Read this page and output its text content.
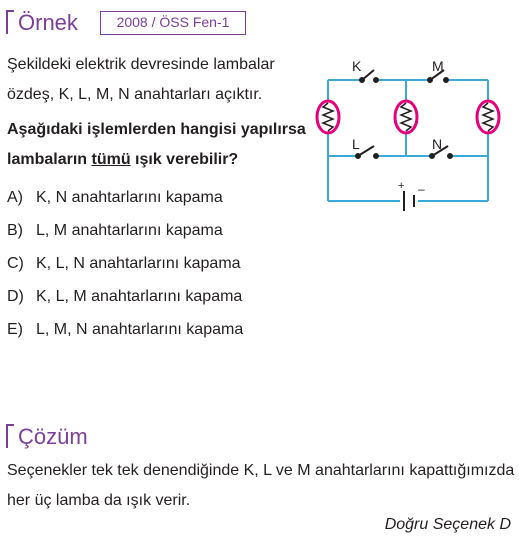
Örnek	2008 / ÖSS Fen-1
Şekildeki elektrik devresinde lambalar özdeş, K, L, M, N anahtarları açıktır.
Aşağıdaki işlemlerden hangisi yapılırsa lambaların tümü ışık verebilir?
+ –
K	M
L	N
A) K, N anahtarlarını kapama
B) L, M anahtarlarını kapama
C) K, L, N anahtarlarını kapama
D) K, L, M anahtarlarını kapama
E) L, M, N anahtarlarını kapama
Çözüm
Seçenekler tek tek denendiğinde K, L ve M anahtarlarını kapattığımızda her üç lamba da ışık verir.
Doğru Seçenek D
